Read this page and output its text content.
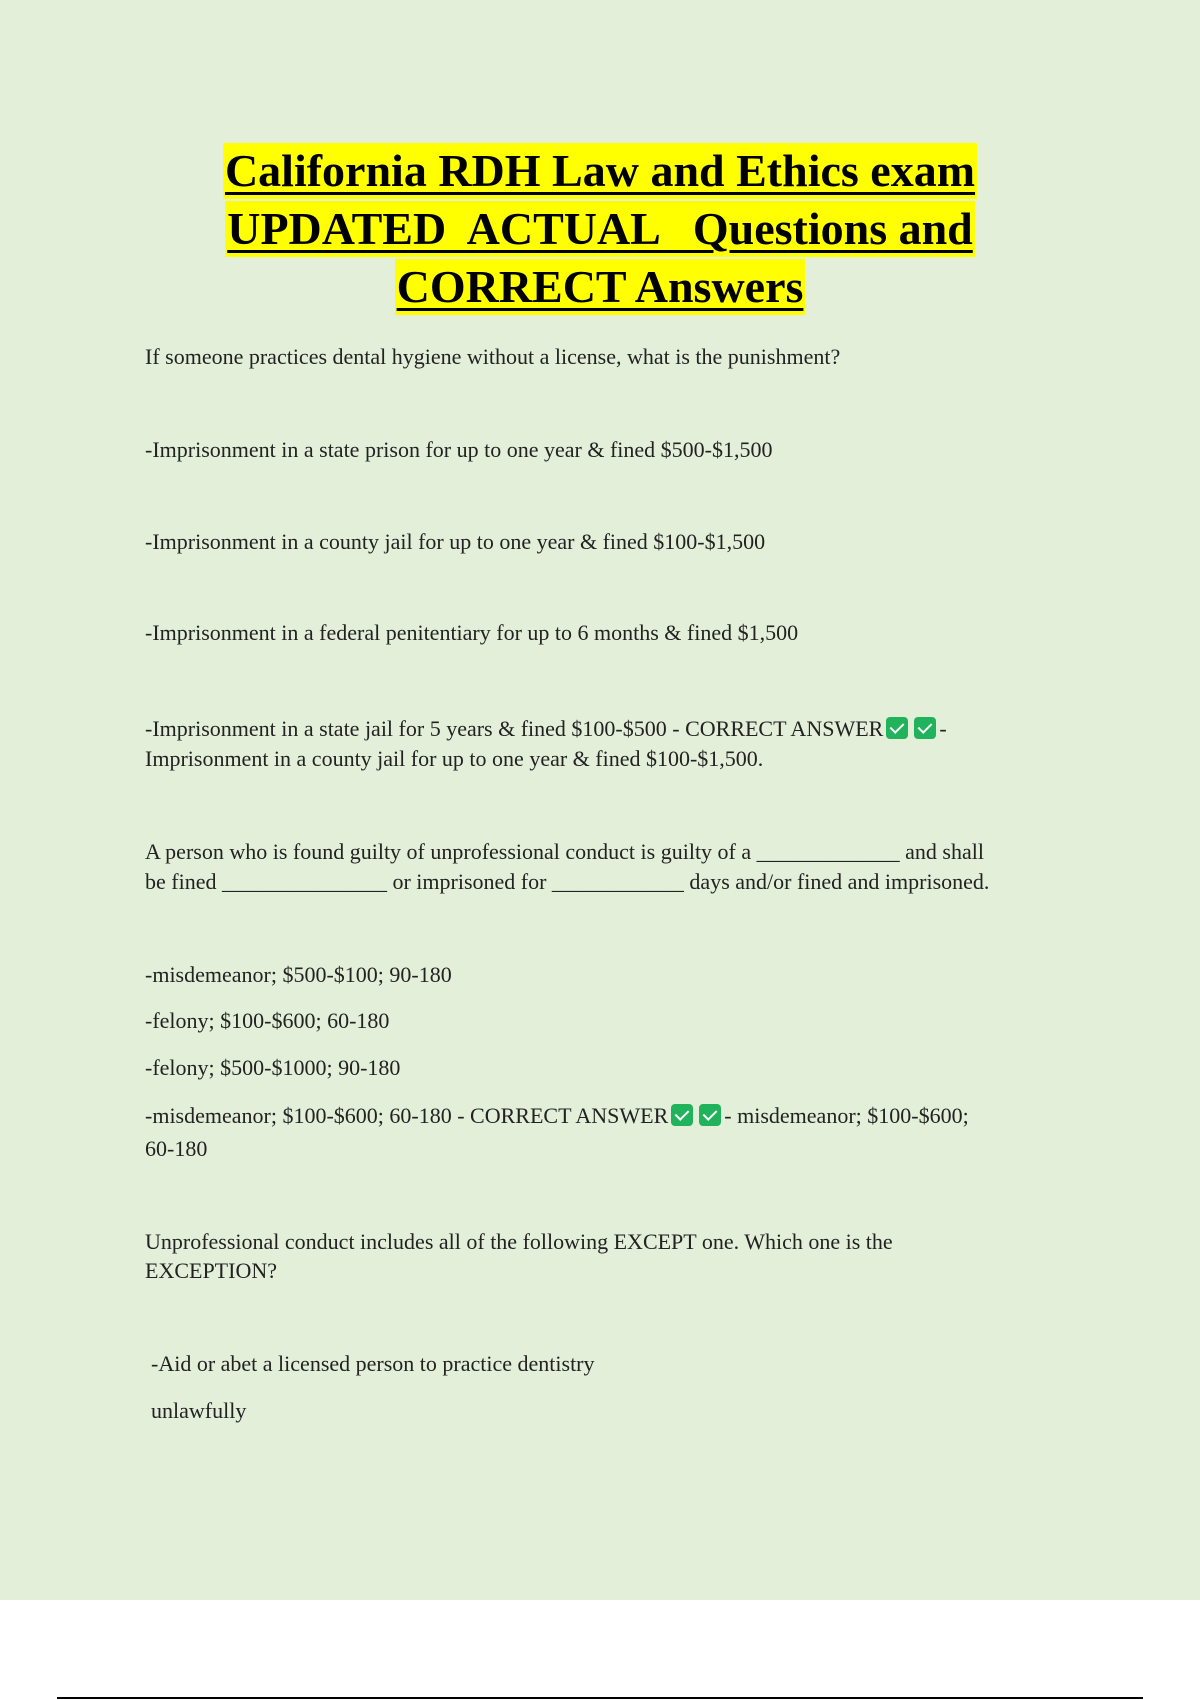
California RDH Law and Ethics exam
UPDATED  ACTUAL   Questions and
CORRECT Answers

If someone practices dental hygiene without a license, what is the punishment?

-Imprisonment in a state prison for up to one year & fined $500-$1,500

-Imprisonment in a county jail for up to one year & fined $100-$1,500

-Imprisonment in a federal penitentiary for up to 6 months & fined $1,500

-Imprisonment in a state jail for 5 years & fined $100-$500 - CORRECT ANSWER	-

Imprisonment in a county jail for up to one year & fined $100-$1,500.

A person who is found guilty of unprofessional conduct is guilty of a _____________ and shall

be fined _______________ or imprisoned for ____________ days and/or fined and imprisoned.

-misdemeanor; $500-$100; 90-180

-felony; $100-$600; 60-180

-felony; $500-$1000; 90-180

-misdemeanor; $100-$600; 60-180 - CORRECT ANSWER	- misdemeanor; $100-$600;

60-180

Unprofessional conduct includes all of the following EXCEPT one. Which one is the

EXCEPTION?

-Aid or abet a licensed person to practice dentistry

unlawfully
